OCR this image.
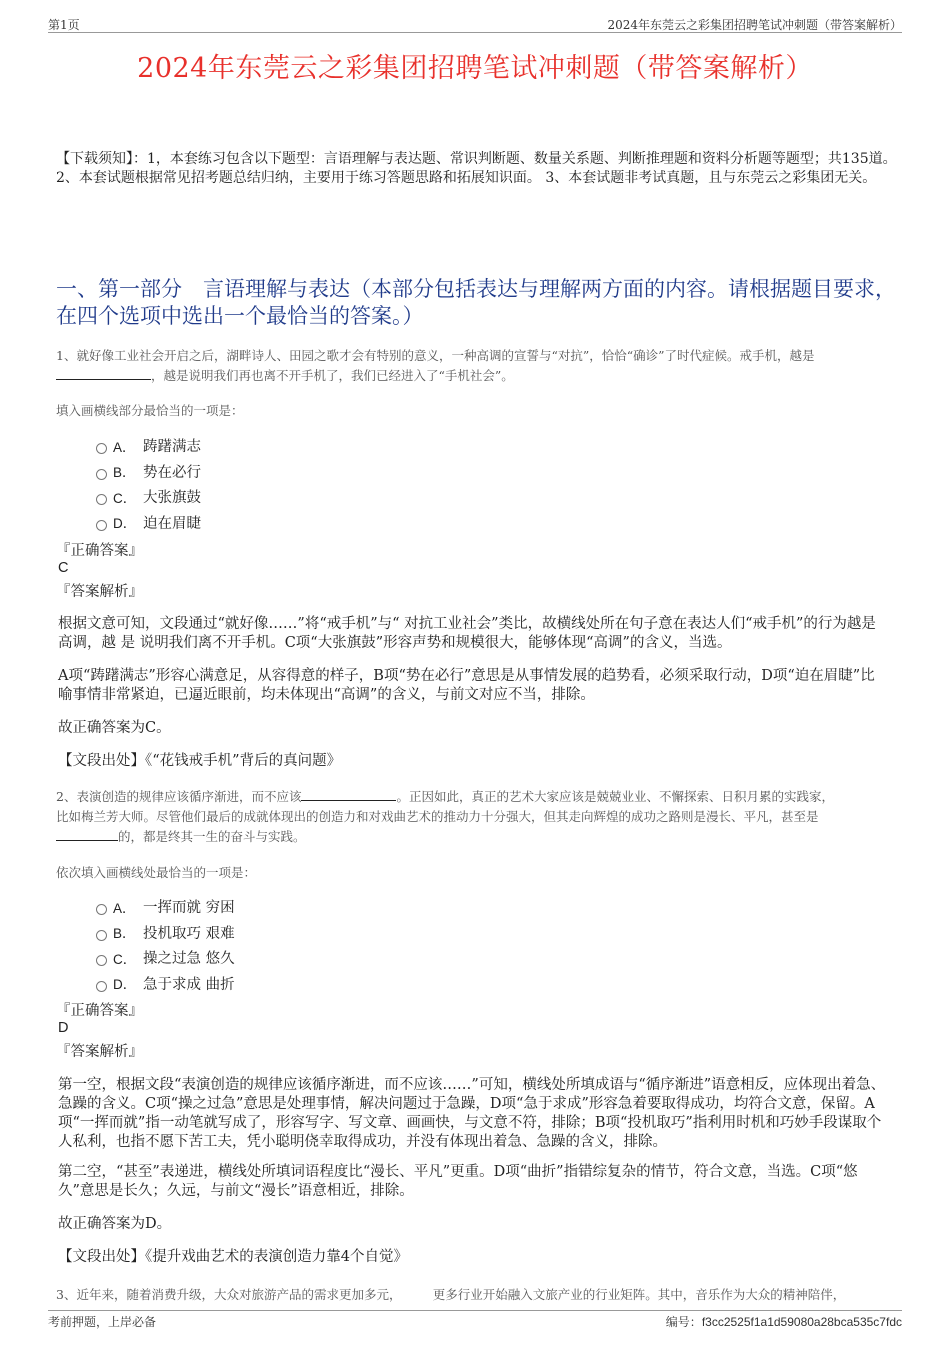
第1页	2024年东莞云之彩集团招聘笔试冲刺题（带答案解析）
2024年东莞云之彩集团招聘笔试冲刺题（带答案解析）
【下载须知】：1，本套练习包含以下题型：言语理解与表达题、常识判断题、数量关系题、判断推理题和资料分析题等题型；共135道。 2、本套试题根据常见招考题总结归纳，主要用于练习答题思路和拓展知识面。 3、本套试题非考试真题，且与东莞云之彩集团无关。
一、第一部分　言语理解与表达（本部分包括表达与理解两方面的内容。请根据题目要求，在四个选项中选出一个最恰当的答案。）
1、就好像工业社会开启之后，湖畔诗人、田园之歌才会有特别的意义，一种高调的宣誓与“对抗”，恰恰“确诊”了时代症候。戒手机，越是
，越是说明我们再也离不开手机了，我们已经进入了“手机社会”。
填入画横线部分最恰当的一项是：
A． 踌躇满志
B． 势在必行
C． 大张旗鼓
D． 迫在眉睫
『正确答案』
C
『答案解析』
根据文意可知，文段通过“就好像……”将“戒手机”与“ 对抗工业社会”类比，故横线处所在句子意在表达人们“戒手机”的行为越是高调，越 是 说明我们离不开手机。C项“大张旗鼓”形容声势和规模很大，能够体现“高调”的含义，当选。
A项“踌躇满志”形容心满意足，从容得意的样子，B项“势在必行”意思是从事情发展的趋势看，必须采取行动，D项“迫在眉睫”比喻事情非常紧迫，已逼近眼前，均未体现出“高调”的含义，与前文对应不当，排除。
故正确答案为C。
【文段出处】《“花钱戒手机”背后的真问题》
2、表演创造的规律应该循序渐进，而不应该	。正因如此，真正的艺术大家应该是兢兢业业、不懈探索、日积月累的实践家，
比如梅兰芳大师。尽管他们最后的成就体现出的创造力和对戏曲艺术的推动力十分强大，但其走向辉煌的成功之路则是漫长、平凡，甚至是
的，都是终其一生的奋斗与实践。
依次填入画横线处最恰当的一项是：
A． 一挥而就 穷困
B． 投机取巧 艰难
C． 操之过急 悠久
D． 急于求成 曲折
『正确答案』
D
『答案解析』
第一空，根据文段“表演创造的规律应该循序渐进，而不应该……”可知，横线处所填成语与“循序渐进”语意相反，应体现出着急、急躁的含义。C项“操之过急”意思是处理事情，解决问题过于急躁，D项“急于求成”形容急着要取得成功，均符合文意，保留。A项“一挥而就”指一动笔就写成了，形容写字、写文章、画画快，与文意不符，排除；B项“投机取巧”指利用时机和巧妙手段谋取个人私利，也指不愿下苦工夫，凭小聪明侥幸取得成功，并没有体现出着急、急躁的含义，排除。
第二空，“甚至”表递进，横线处所填词语程度比“漫长、平凡”更重。D项“曲折”指错综复杂的情节，符合文意，当选。C项“悠久”意思是长久；久远，与前文“漫长”语意相近，排除。
故正确答案为D。
【文段出处】《提升戏曲艺术的表演创造力靠4个自觉》
3、近年来，随着消费升级，大众对旅游产品的需求更加多元，　　　更多行业开始融入文旅产业的行业矩阵。其中，音乐作为大众的精神陪伴，
考前押题，上岸必备	编号：f3cc2525f1a1d59080a28bca535c7fdc
